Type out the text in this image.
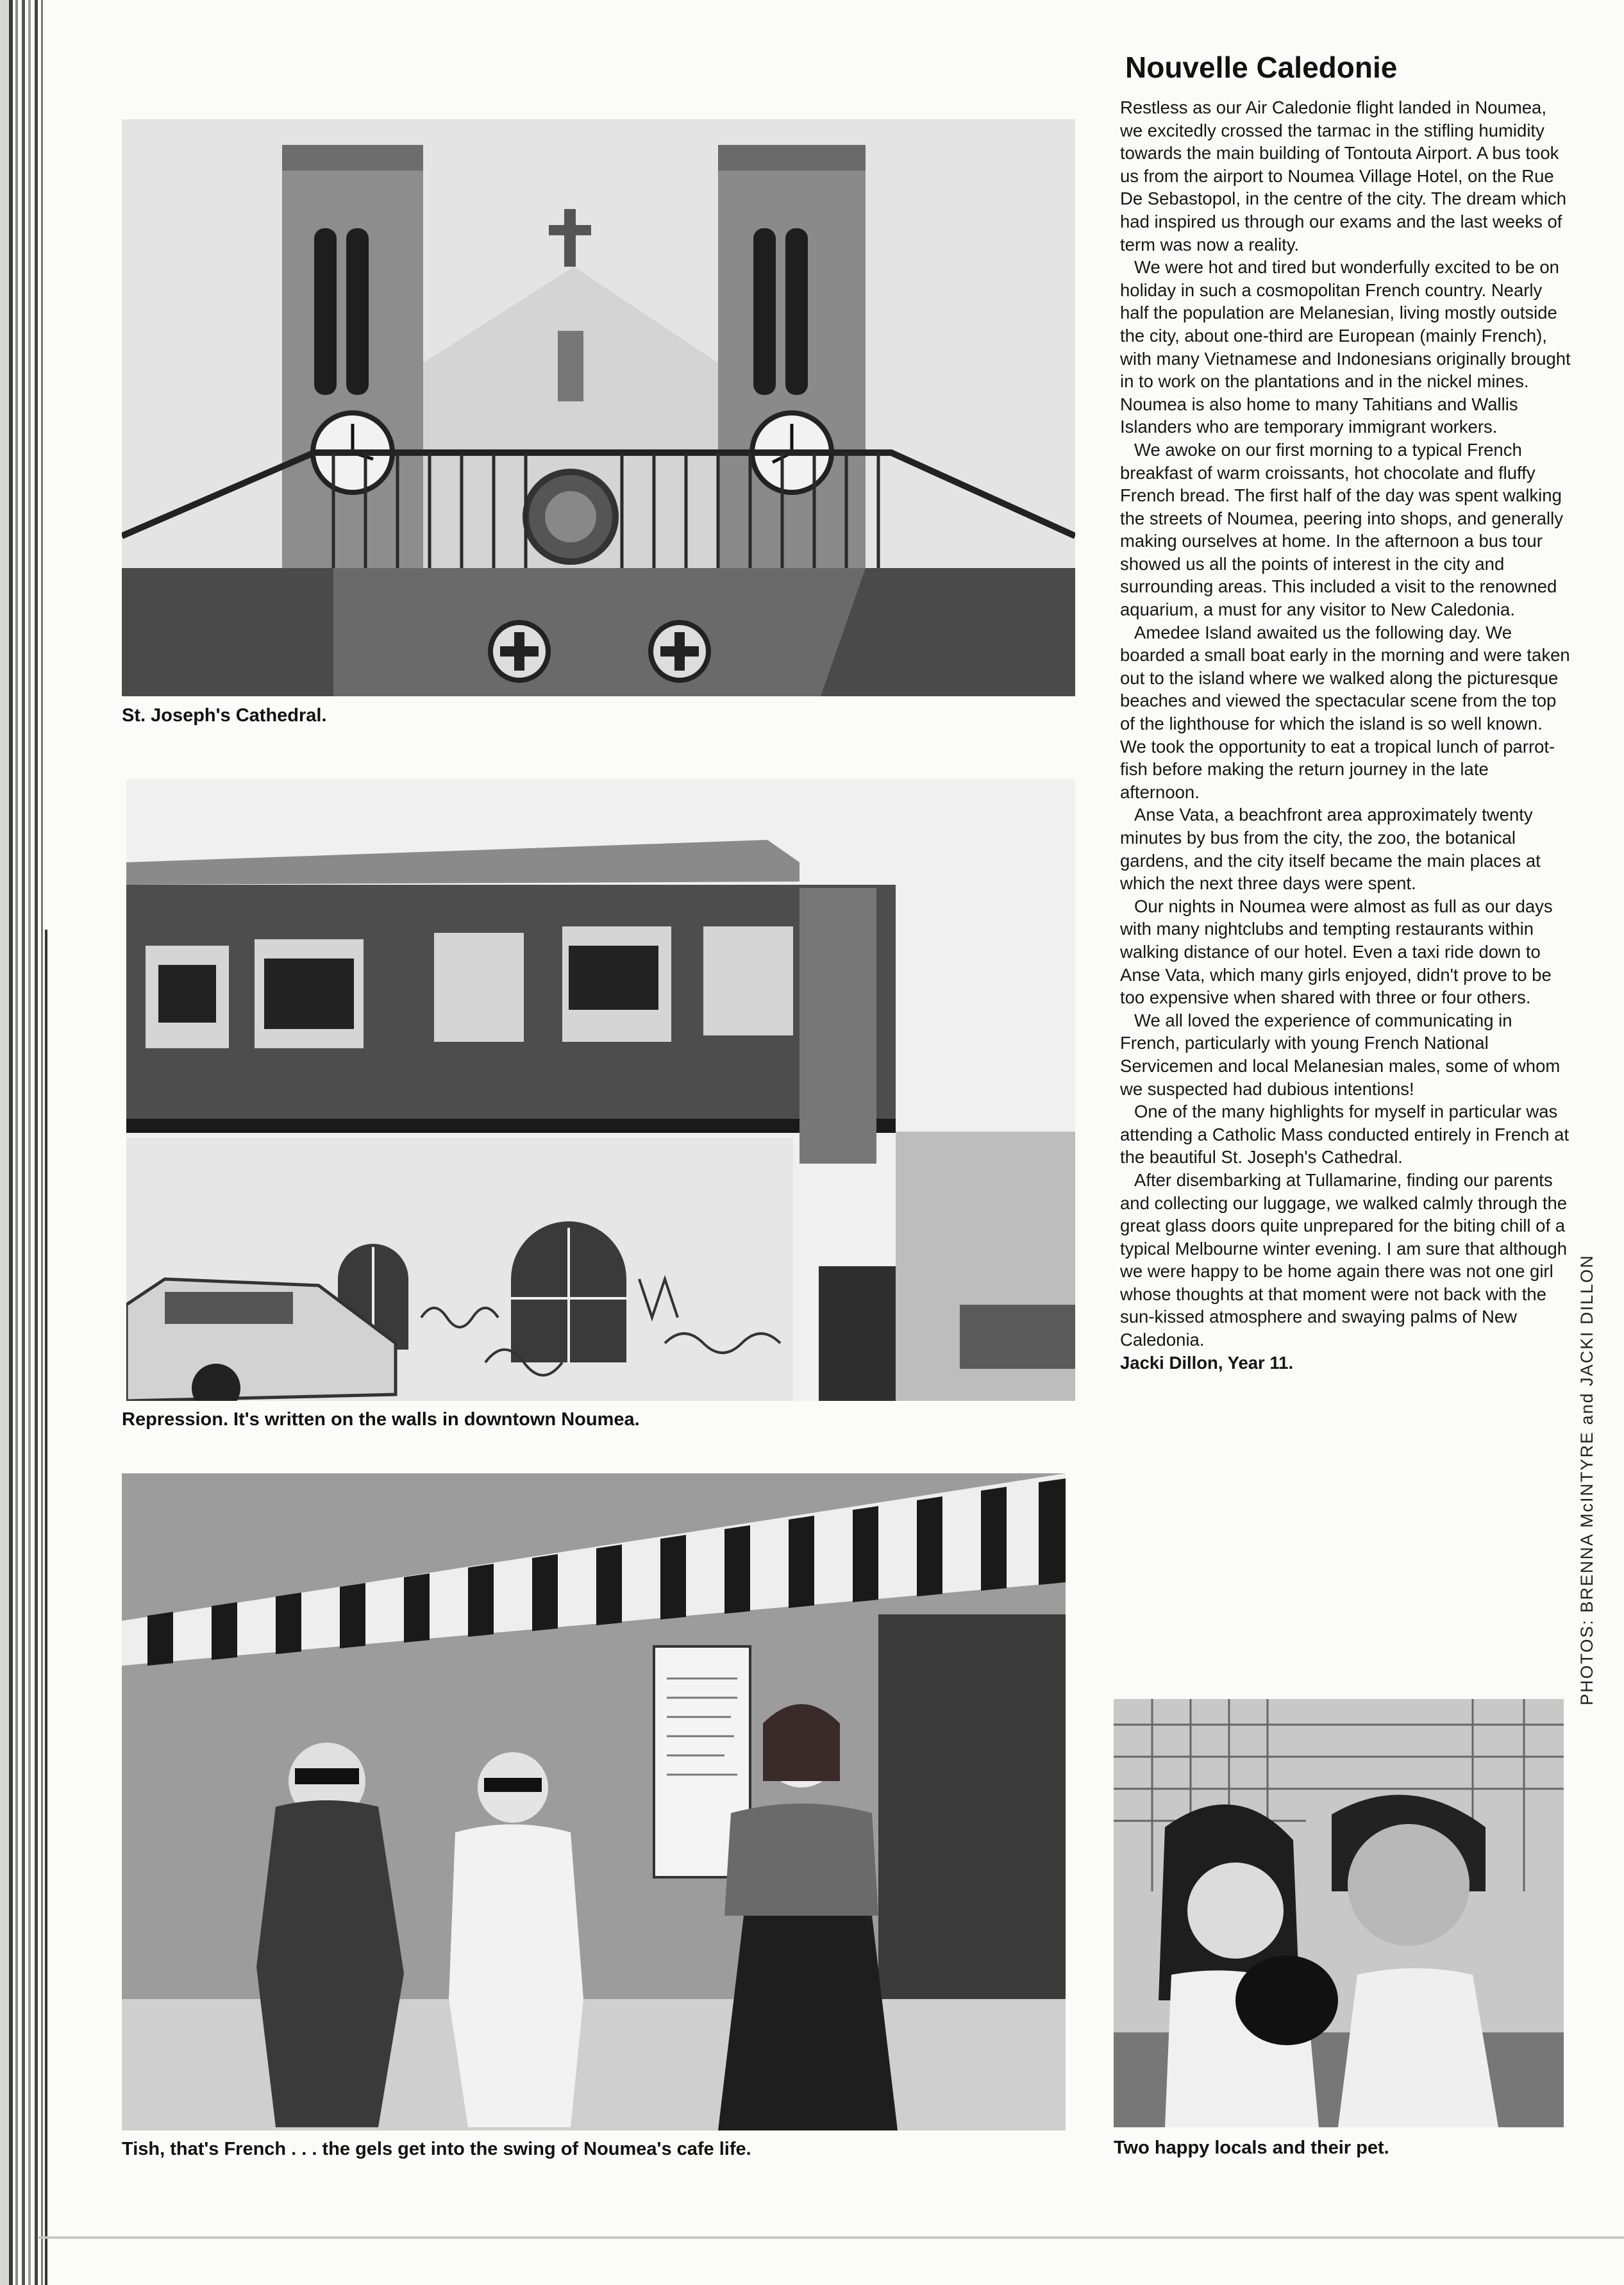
St. Joseph's Cathedral.
Repression. It's written on the walls in downtown Noumea.
Tish, that's French . . . the gels get into the swing of Noumea's cafe life.
Nouvelle Caledonie

Restless as our Air Caledonie flight landed in Noumea, we excitedly crossed the tarmac in the stifling humidity towards the main building of Tontouta Airport. A bus took us from the airport to Noumea Village Hotel, on the Rue De Sebastopol, in the centre of the city. The dream which had inspired us through our exams and the last weeks of term was now a reality.

We were hot and tired but wonderfully excited to be on holiday in such a cosmopolitan French country. Nearly half the population are Melanesian, living mostly outside the city, about one-third are European (mainly French), with many Vietnamese and Indonesians originally brought in to work on the plantations and in the nickel mines. Noumea is also home to many Tahitians and Wallis Islanders who are temporary immigrant workers.

We awoke on our first morning to a typical French breakfast of warm croissants, hot chocolate and fluffy French bread. The first half of the day was spent walking the streets of Noumea, peering into shops, and generally making ourselves at home. In the afternoon a bus tour showed us all the points of interest in the city and surrounding areas. This included a visit to the renowned aquarium, a must for any visitor to New Caledonia.

Amedee Island awaited us the following day. We boarded a small boat early in the morning and were taken out to the island where we walked along the picturesque beaches and viewed the spectacular scene from the top of the lighthouse for which the island is so well known. We took the opportunity to eat a tropical lunch of parrot-fish before making the return journey in the late afternoon.

Anse Vata, a beachfront area approximately twenty minutes by bus from the city, the zoo, the botanical gardens, and the city itself became the main places at which the next three days were spent.

Our nights in Noumea were almost as full as our days with many nightclubs and tempting restaurants within walking distance of our hotel. Even a taxi ride down to Anse Vata, which many girls enjoyed, didn't prove to be too expensive when shared with three or four others.

We all loved the experience of communicating in French, particularly with young French National Servicemen and local Melanesian males, some of whom we suspected had dubious intentions!

One of the many highlights for myself in particular was attending a Catholic Mass conducted entirely in French at the beautiful St. Joseph's Cathedral.

After disembarking at Tullamarine, finding our parents and collecting our luggage, we walked calmly through the great glass doors quite unprepared for the biting chill of a typical Melbourne winter evening. I am sure that although we were happy to be home again there was not one girl whose thoughts at that moment were not back with the sun-kissed atmosphere and swaying palms of New Caledonia.

Jacki Dillon, Year 11.
Two happy locals and their pet.
PHOTOS: BRENNA McINTYRE and JACKI DILLON
